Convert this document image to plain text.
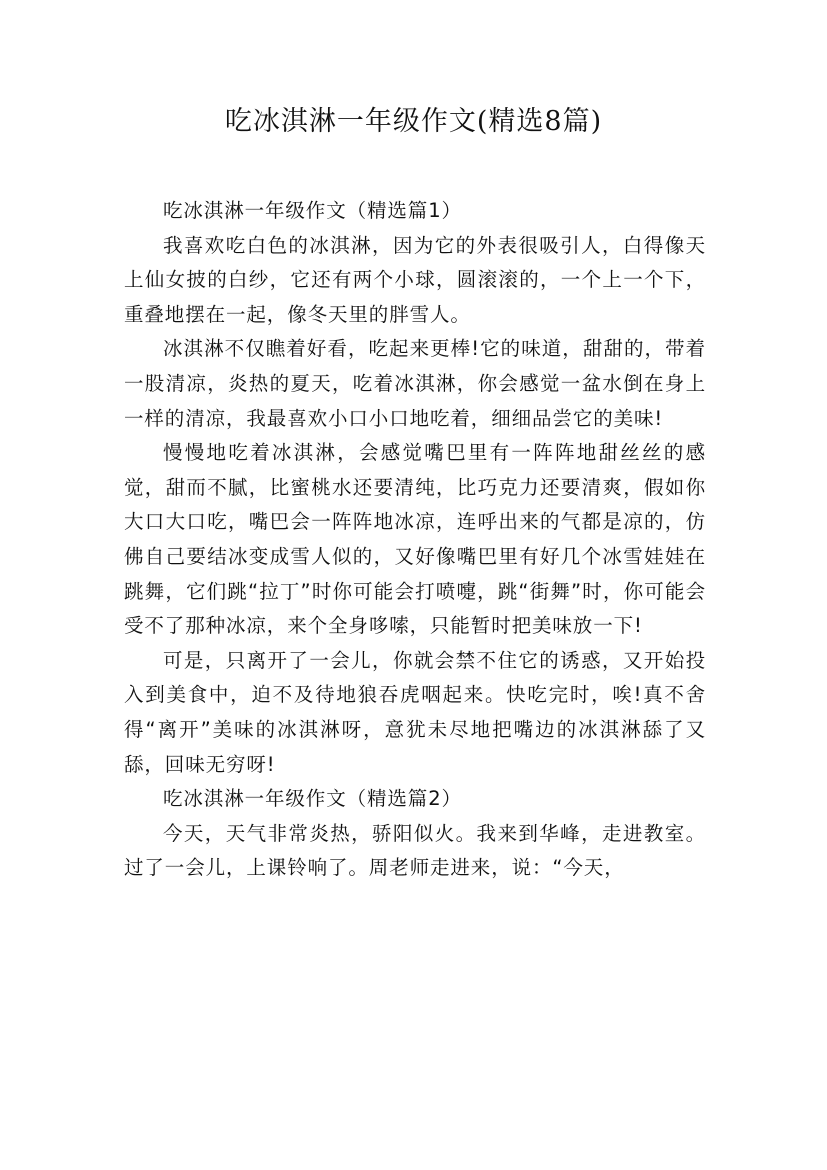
吃冰淇淋一年级作文(精选8篇)
吃冰淇淋一年级作文（精选篇1）

我喜欢吃白色的冰淇淋，因为它的外表很吸引人，白得像天上仙女披的白纱，它还有两个小球，圆滚滚的，一个上一个下，重叠地摆在一起，像冬天里的胖雪人。

冰淇淋不仅瞧着好看，吃起来更棒!它的味道，甜甜的，带着一股清凉，炎热的夏天，吃着冰淇淋，你会感觉一盆水倒在身上一样的清凉，我最喜欢小口小口地吃着，细细品尝它的美味!

慢慢地吃着冰淇淋，会感觉嘴巴里有一阵阵地甜丝丝的感觉，甜而不腻，比蜜桃水还要清纯，比巧克力还要清爽，假如你大口大口吃，嘴巴会一阵阵地冰凉，连呼出来的气都是凉的，仿佛自己要结冰变成雪人似的，又好像嘴巴里有好几个冰雪娃娃在跳舞，它们跳“拉丁”时你可能会打喷嚏，跳“街舞”时，你可能会受不了那种冰凉，来个全身哆嗦，只能暂时把美味放一下!

可是，只离开了一会儿，你就会禁不住它的诱惑，又开始投入到美食中，迫不及待地狼吞虎咽起来。快吃完时，唉!真不舍得“离开”美味的冰淇淋呀，意犹未尽地把嘴边的冰淇淋舔了又舔，回味无穷呀!

吃冰淇淋一年级作文（精选篇2）

今天，天气非常炎热，骄阳似火。我来到华峰，走进教室。过了一会儿，上课铃响了。周老师走进来，说：“今天，
